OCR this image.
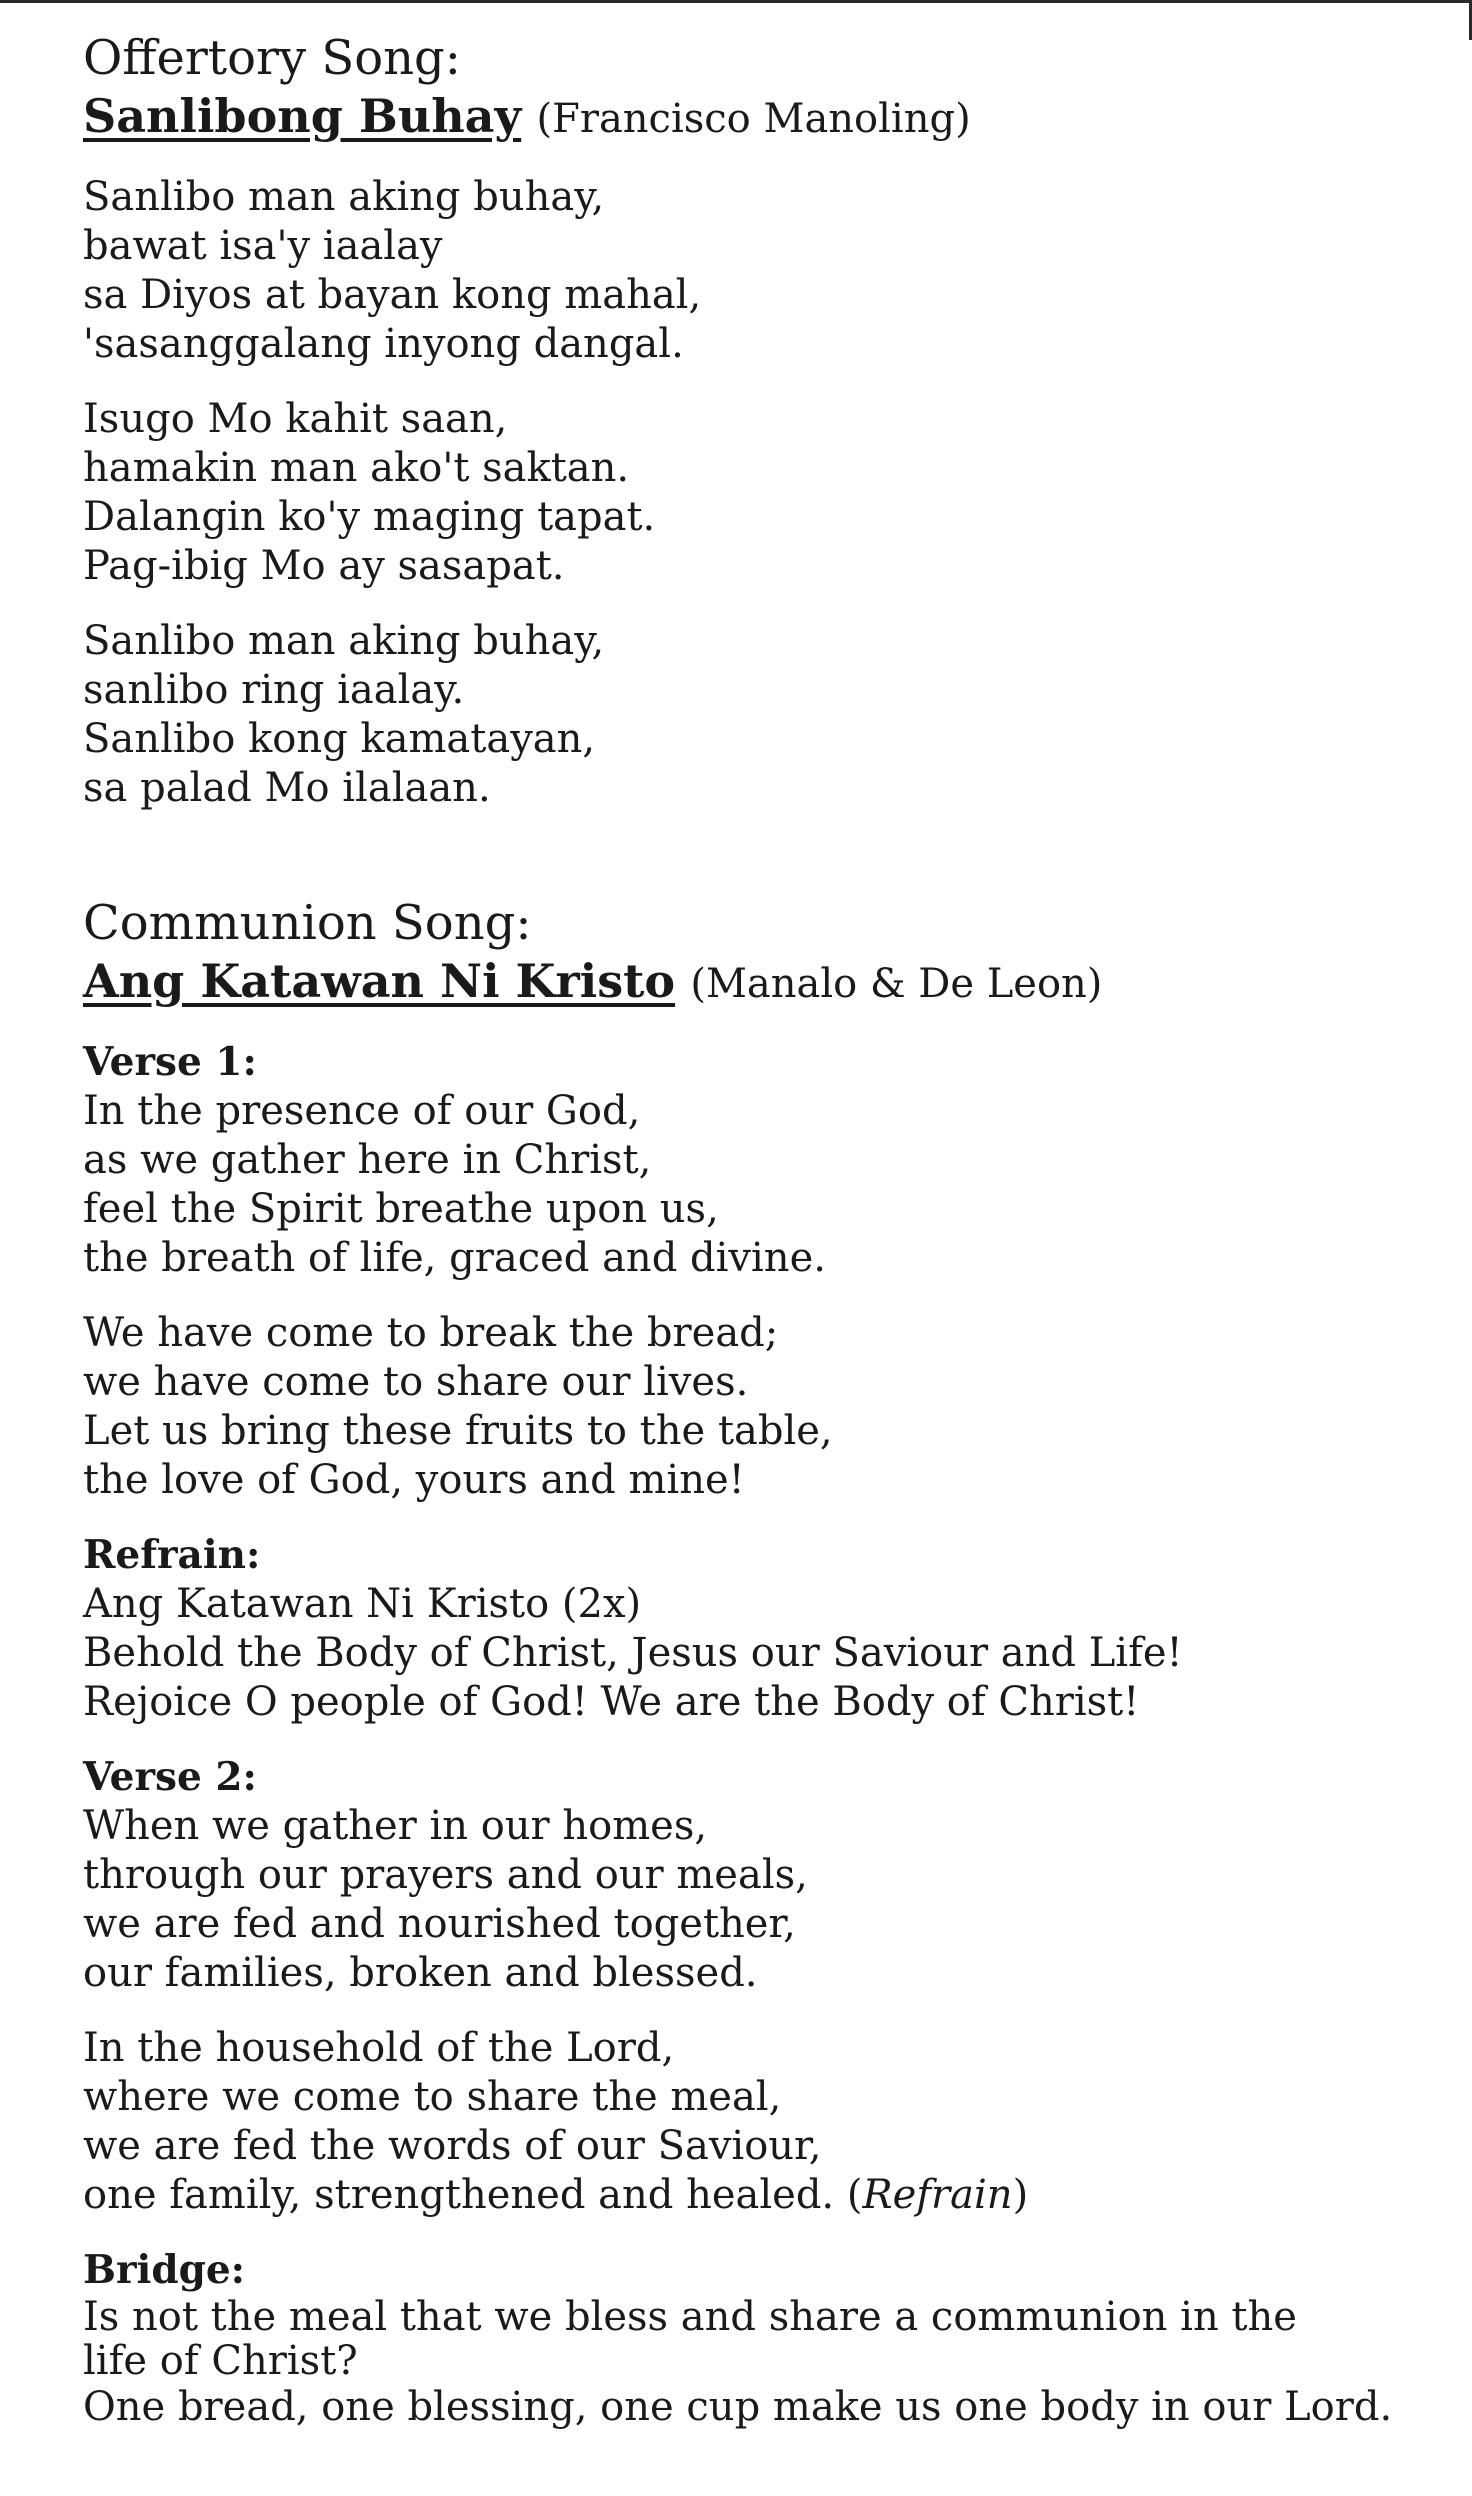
Offertory Song:
Sanlibong Buhay (Francisco Manoling)
Sanlibo man aking buhay,
bawat isa'y iaalay
sa Diyos at bayan kong mahal,
'sasanggalang inyong dangal.
Isugo Mo kahit saan,
hamakin man ako't saktan.
Dalangin ko'y maging tapat.
Pag-ibig Mo ay sasapat.
Sanlibo man aking buhay,
sanlibo ring iaalay.
Sanlibo kong kamatayan,
sa palad Mo ilalaan.
Communion Song:
Ang Katawan Ni Kristo (Manalo & De Leon)
Verse 1:
In the presence of our God,
as we gather here in Christ,
feel the Spirit breathe upon us,
the breath of life, graced and divine.
We have come to break the bread;
we have come to share our lives.
Let us bring these fruits to the table,
the love of God, yours and mine!
Refrain:
Ang Katawan Ni Kristo (2x)
Behold the Body of Christ, Jesus our Saviour and Life!
Rejoice O people of God! We are the Body of Christ!
Verse 2:
When we gather in our homes,
through our prayers and our meals,
we are fed and nourished together,
our families, broken and blessed.
In the household of the Lord,
where we come to share the meal,
we are fed the words of our Saviour,
one family, strengthened and healed. (Refrain)
Bridge:
Is not the meal that we bless and share a communion in the life of Christ?
One bread, one blessing, one cup make us one body in our Lord.
